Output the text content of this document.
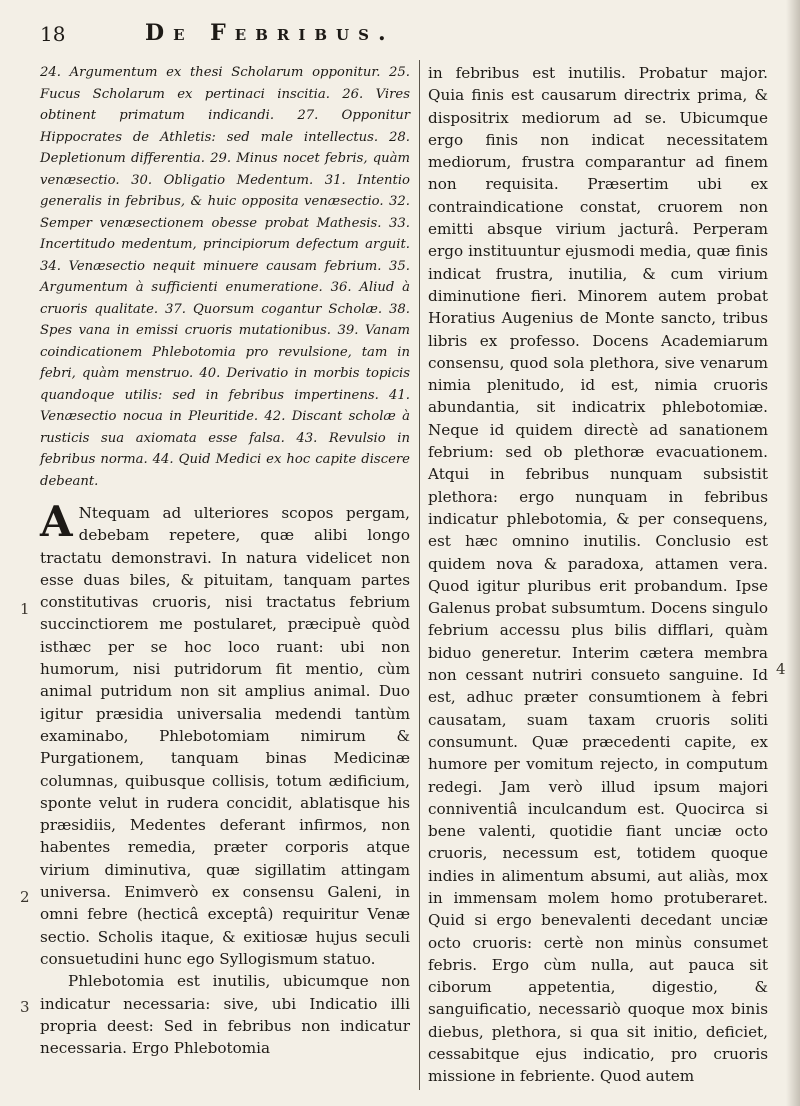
18	De Febribus.

24. Argumentum ex thesi Scholarum opponitur. 25. Fucus Scholarum ex pertinaci inscitia. 26. Vires obtinent primatum indicandi. 27. Opponitur Hippocrates de Athletis: sed male intellectus. 28. Depletionum differentia. 29. Minus nocet febris, quàm venæsectio. 30. Obligatio Medentum. 31. Intentio generalis in febribus, & huic opposita venæsectio. 32. Semper venæsectionem obesse probat Mathesis. 33. Incertitudo medentum, principiorum defectum arguit. 34. Venæsectio nequit minuere causam febrium. 35. Argumentum à sufficienti enumeratione. 36. Aliud à cruoris qualitate. 37. Quorsum cogantur Scholæ. 38. Spes vana in emissi cruoris mutationibus. 39. Vanam coindicationem Phlebotomia pro revulsione, tam in febri, quàm menstruo. 40. Derivatio in morbis topicis quandoque utilis: sed in febribus impertinens. 41. Venæsectio nocua in Pleuritide. 42. Discant scholæ à rusticis sua axiomata esse falsa. 43. Revulsio in febribus norma. 44. Quid Medici ex hoc capite discere debeant.

A Ntequam ad ulteriores scopos pergam, debebam repetere, quæ alibi longo tractatu demonstravi. In natura videlicet non esse duas biles, & pituitam, tanquam partes constitutivas cruoris, nisi tractatus febrium succinctiorem me postularet, præcipuè quòd isthæc per se hoc loco ruant: ubi non humorum, nisi putridorum fit mentio, cùm animal putridum non sit amplius animal. Duo igitur præsidia universalia medendi tantùm examinabo, Phlebotomiam nimirum & Purgationem, tanquam binas Medicinæ columnas, quibusque collisis, totum ædificium, sponte velut in rudera concidit, ablatisque his præsidiis, Medentes deferant infirmos, non habentes remedia, præter corporis atque virium diminutiva, quæ sigillatim attingam universa. Enimverò ex consensu Galeni, in omni febre (hecticâ exceptâ) requiritur Venæ sectio. Scholis itaque, & exitiosæ hujus seculi consuetudini hunc ego Syllogismum statuo.

Phlebotomia est inutilis, ubicumque non indicatur necessaria: sive, ubi Indicatio illi propria deest: Sed in febribus non indicatur necessaria. Ergo Phlebotomia

in febribus est inutilis. Probatur major. Quia finis est causarum directrix prima, & dispositrix mediorum ad se. Ubicumque ergo finis non indicat necessitatem mediorum, frustra comparantur ad finem non requisita. Præsertim ubi ex contraindicatione constat, cruorem non emitti absque virium jacturâ. Perperam ergo instituuntur ejusmodi media, quæ finis indicat frustra, inutilia, & cum virium diminutione fieri. Minorem autem probat Horatius Augenius de Monte sancto, tribus libris ex professo. Docens Academiarum consensu, quod sola plethora, sive venarum nimia plenitudo, id est, nimia cruoris abundantia, sit indicatrix phlebotomiæ. Neque id quidem directè ad sanationem febrium: sed ob plethoræ evacuationem. Atqui in febribus nunquam subsistit plethora: ergo nunquam in febribus indicatur phlebotomia, & per consequens, est hæc omnino inutilis. Conclusio est quidem nova & paradoxa, attamen vera. Quod igitur pluribus erit probandum. Ipse Galenus probat subsumtum. Docens singulo febrium accessu plus bilis difflari, quàm biduo generetur. Interim cætera membra non cessant nutriri consueto sanguine. Id est, adhuc præter consumtionem à febri causatam, suam taxam cruoris soliti consumunt. Quæ præcedenti capite, ex humore per vomitum rejecto, in computum redegi. Jam verò illud ipsum majori conniventiâ inculcandum est. Quocirca si bene valenti, quotidie fiant unciæ octo cruoris, necessum est, totidem quoque indies in alimentum absumi, aut aliàs, mox in immensam molem homo protuberaret. Quid si ergo benevalenti decedant unciæ octo cruoris: certè non minùs consumet febris. Ergo cùm nulla, aut pauca sit ciborum appetentia, digestio, & sanguificatio, necessariò quoque mox binis diebus, plethora, si qua sit initio, deficiet, cessabitque ejus indicatio, pro cruoris missione in febriente. Quod autem

1
2
3
4
